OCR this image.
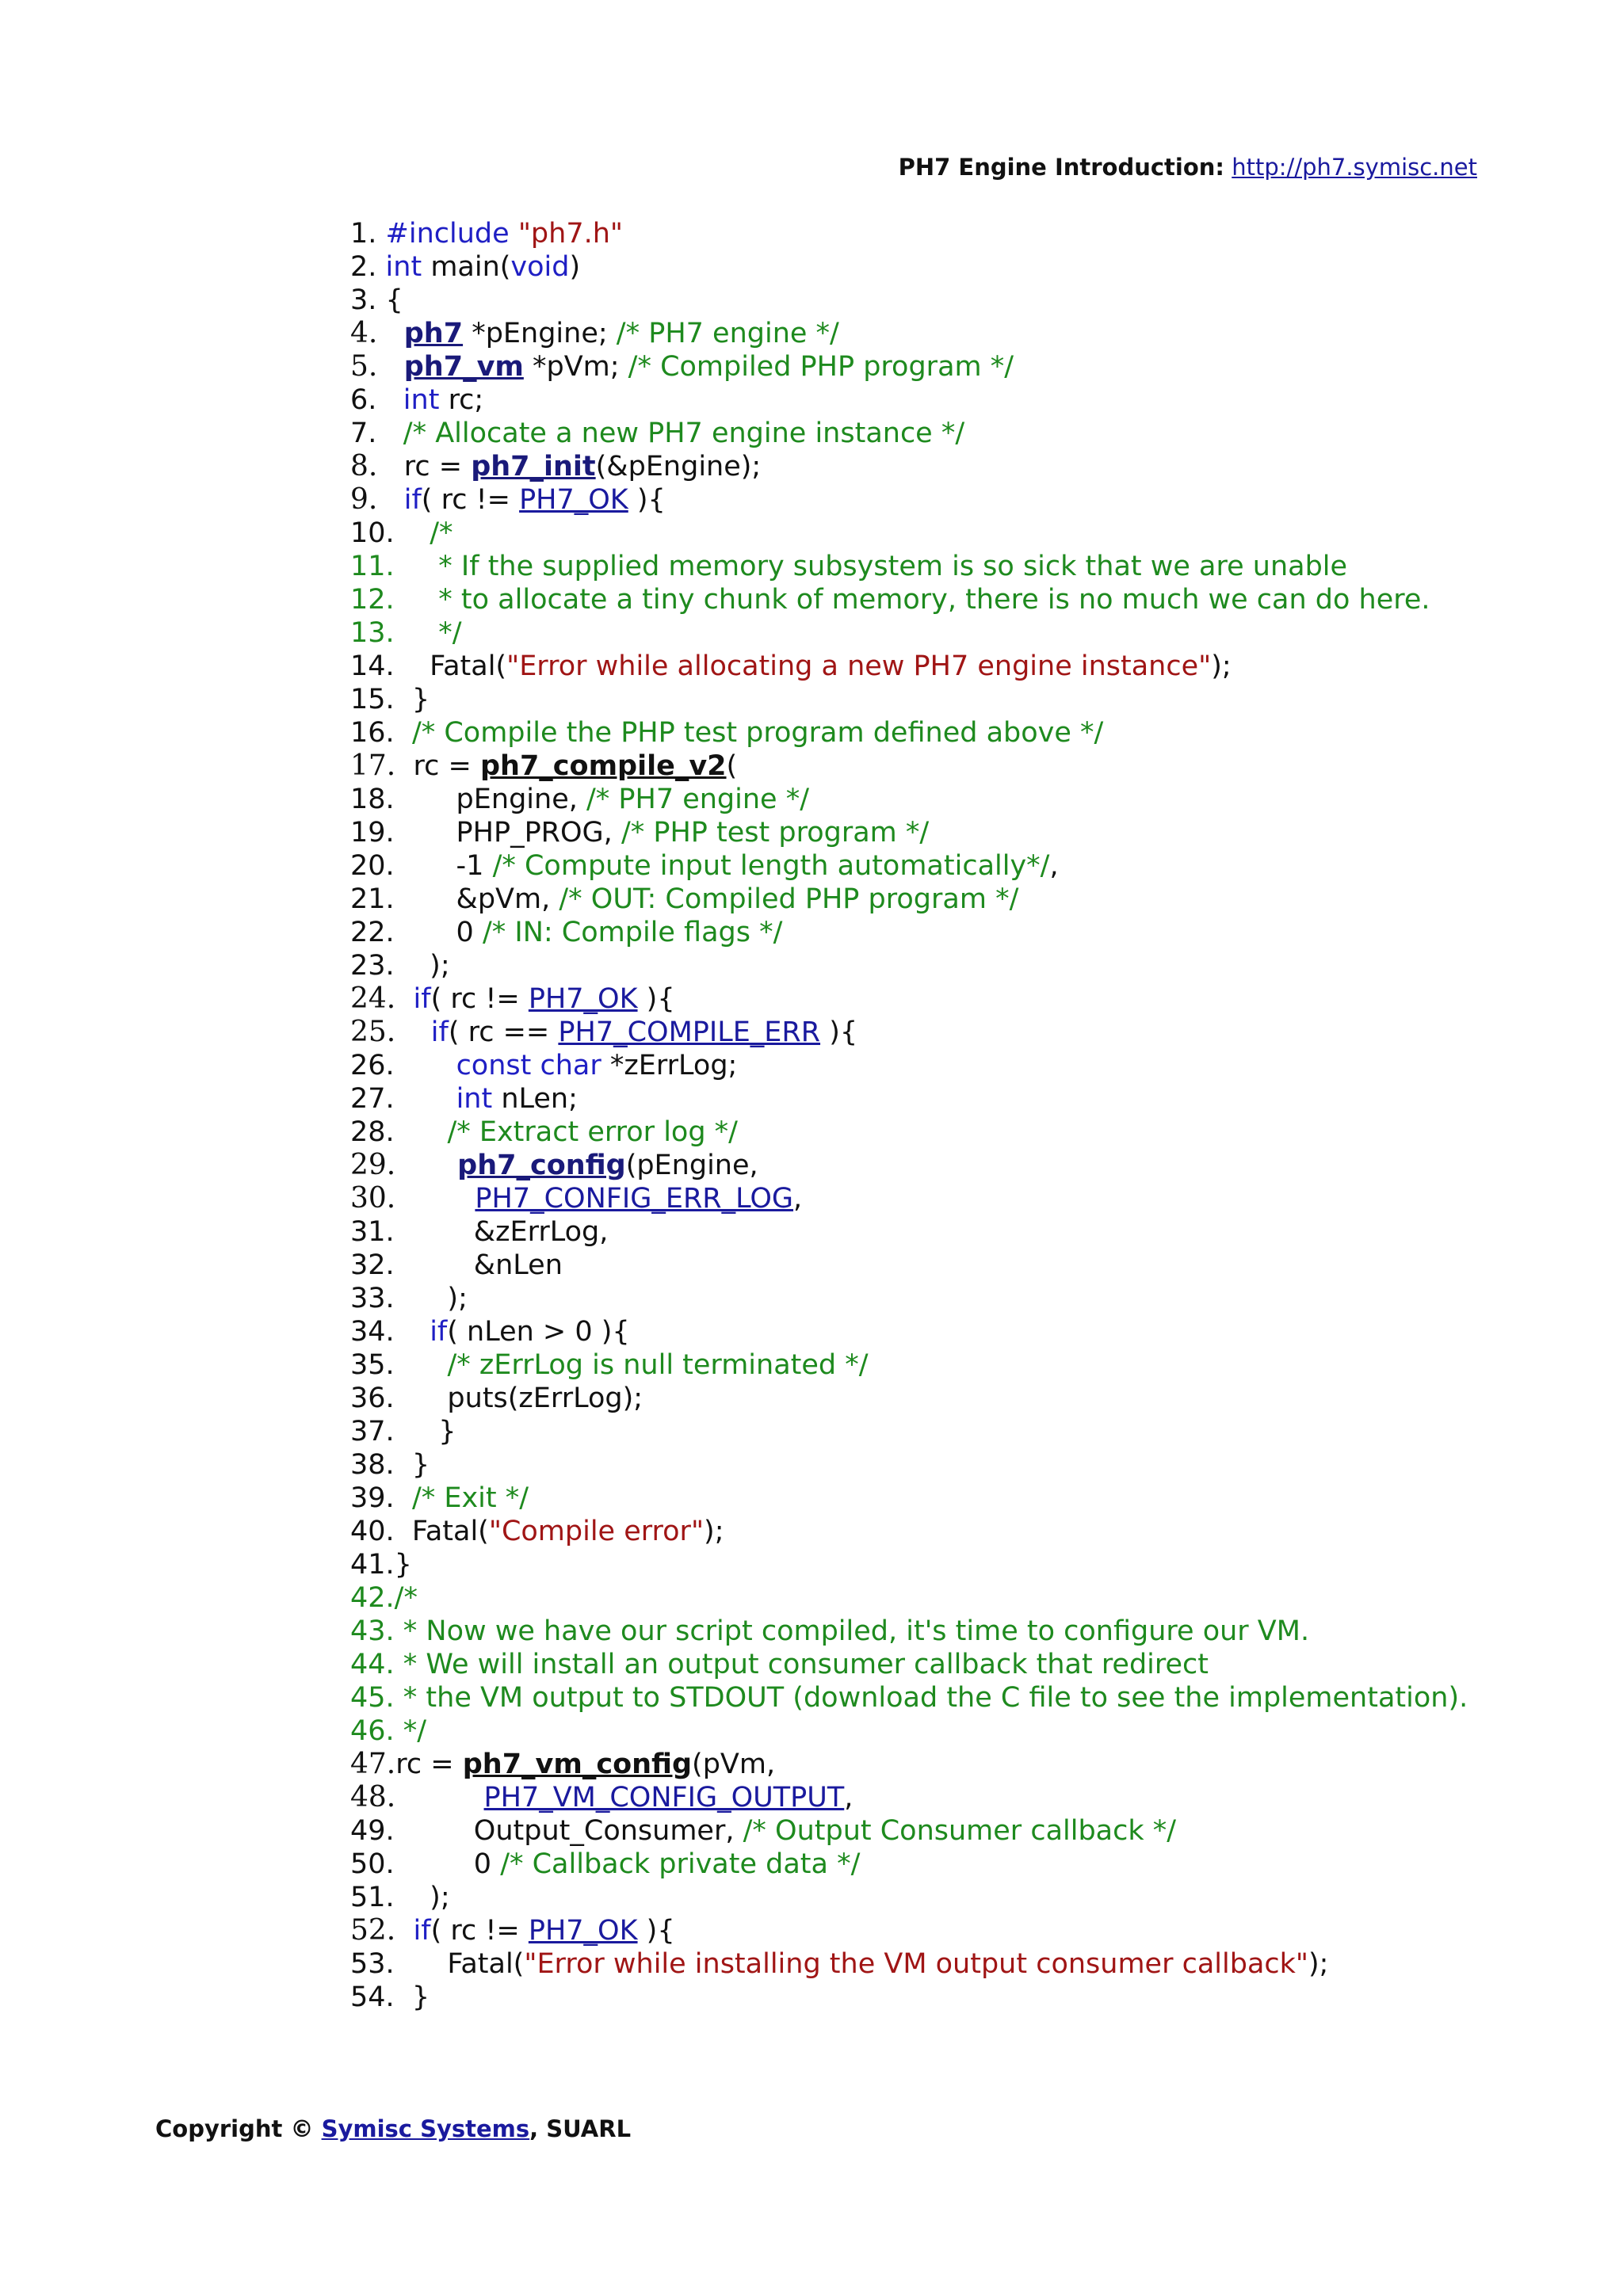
PH7 Engine Introduction: http://ph7.symisc.net
1. #include "ph7.h"
2. int main(void)
3. {
4. ph7 *pEngine; /* PH7 engine */
5. ph7_vm *pVm; /* Compiled PHP program */
6. int rc;
7. /* Allocate a new PH7 engine instance */
8.   rc = ph7_init(&pEngine);
9. if( rc != PH7_OK ){
10. /*
11.     * If the supplied memory subsystem is so sick that we are unable
12.     * to allocate a tiny chunk of memory, there is no much we can do here.
13.     */
14.    Fatal("Error while allocating a new PH7 engine instance");
15.  }
16. /* Compile the PHP test program defined above */
17.  rc = ph7_compile_v2(
18.       pEngine, /* PH7 engine */
19.       PHP_PROG, /* PHP test program */
20.       -1 /* Compute input length automatically*/,
21.       &pVm, /* OUT: Compiled PHP program */
22.       0 /* IN: Compile flags */
23.    );
24. if( rc != PH7_OK ){
25. if( rc == PH7_COMPILE_ERR ){
26. const char *zErrLog;
27. int nLen;
28. /* Extract error log */
29. ph7_config(pEngine,
30.	PH7_CONFIG_ERR_LOG,
31.         &zErrLog,
32.         &nLen
33.      );
34. if( nLen > 0 ){
35. /* zErrLog is null terminated */
36.      puts(zErrLog);
37.     }
38.  }
39. /* Exit */
40.  Fatal("Compile error");
41.}
42./*
43. * Now we have our script compiled, it's time to configure our VM.
44. * We will install an output consumer callback that redirect
45. * the VM output to STDOUT (download the C file to see the implementation).
46. */
47.rc = ph7_vm_config(pVm,
48.	PH7_VM_CONFIG_OUTPUT,
49.         Output_Consumer, /* Output Consumer callback */
50.         0 /* Callback private data */
51.    );
52. if( rc != PH7_OK ){
53.      Fatal("Error while installing the VM output consumer callback");
54.  }
Copyright © Symisc Systems, SUARL
